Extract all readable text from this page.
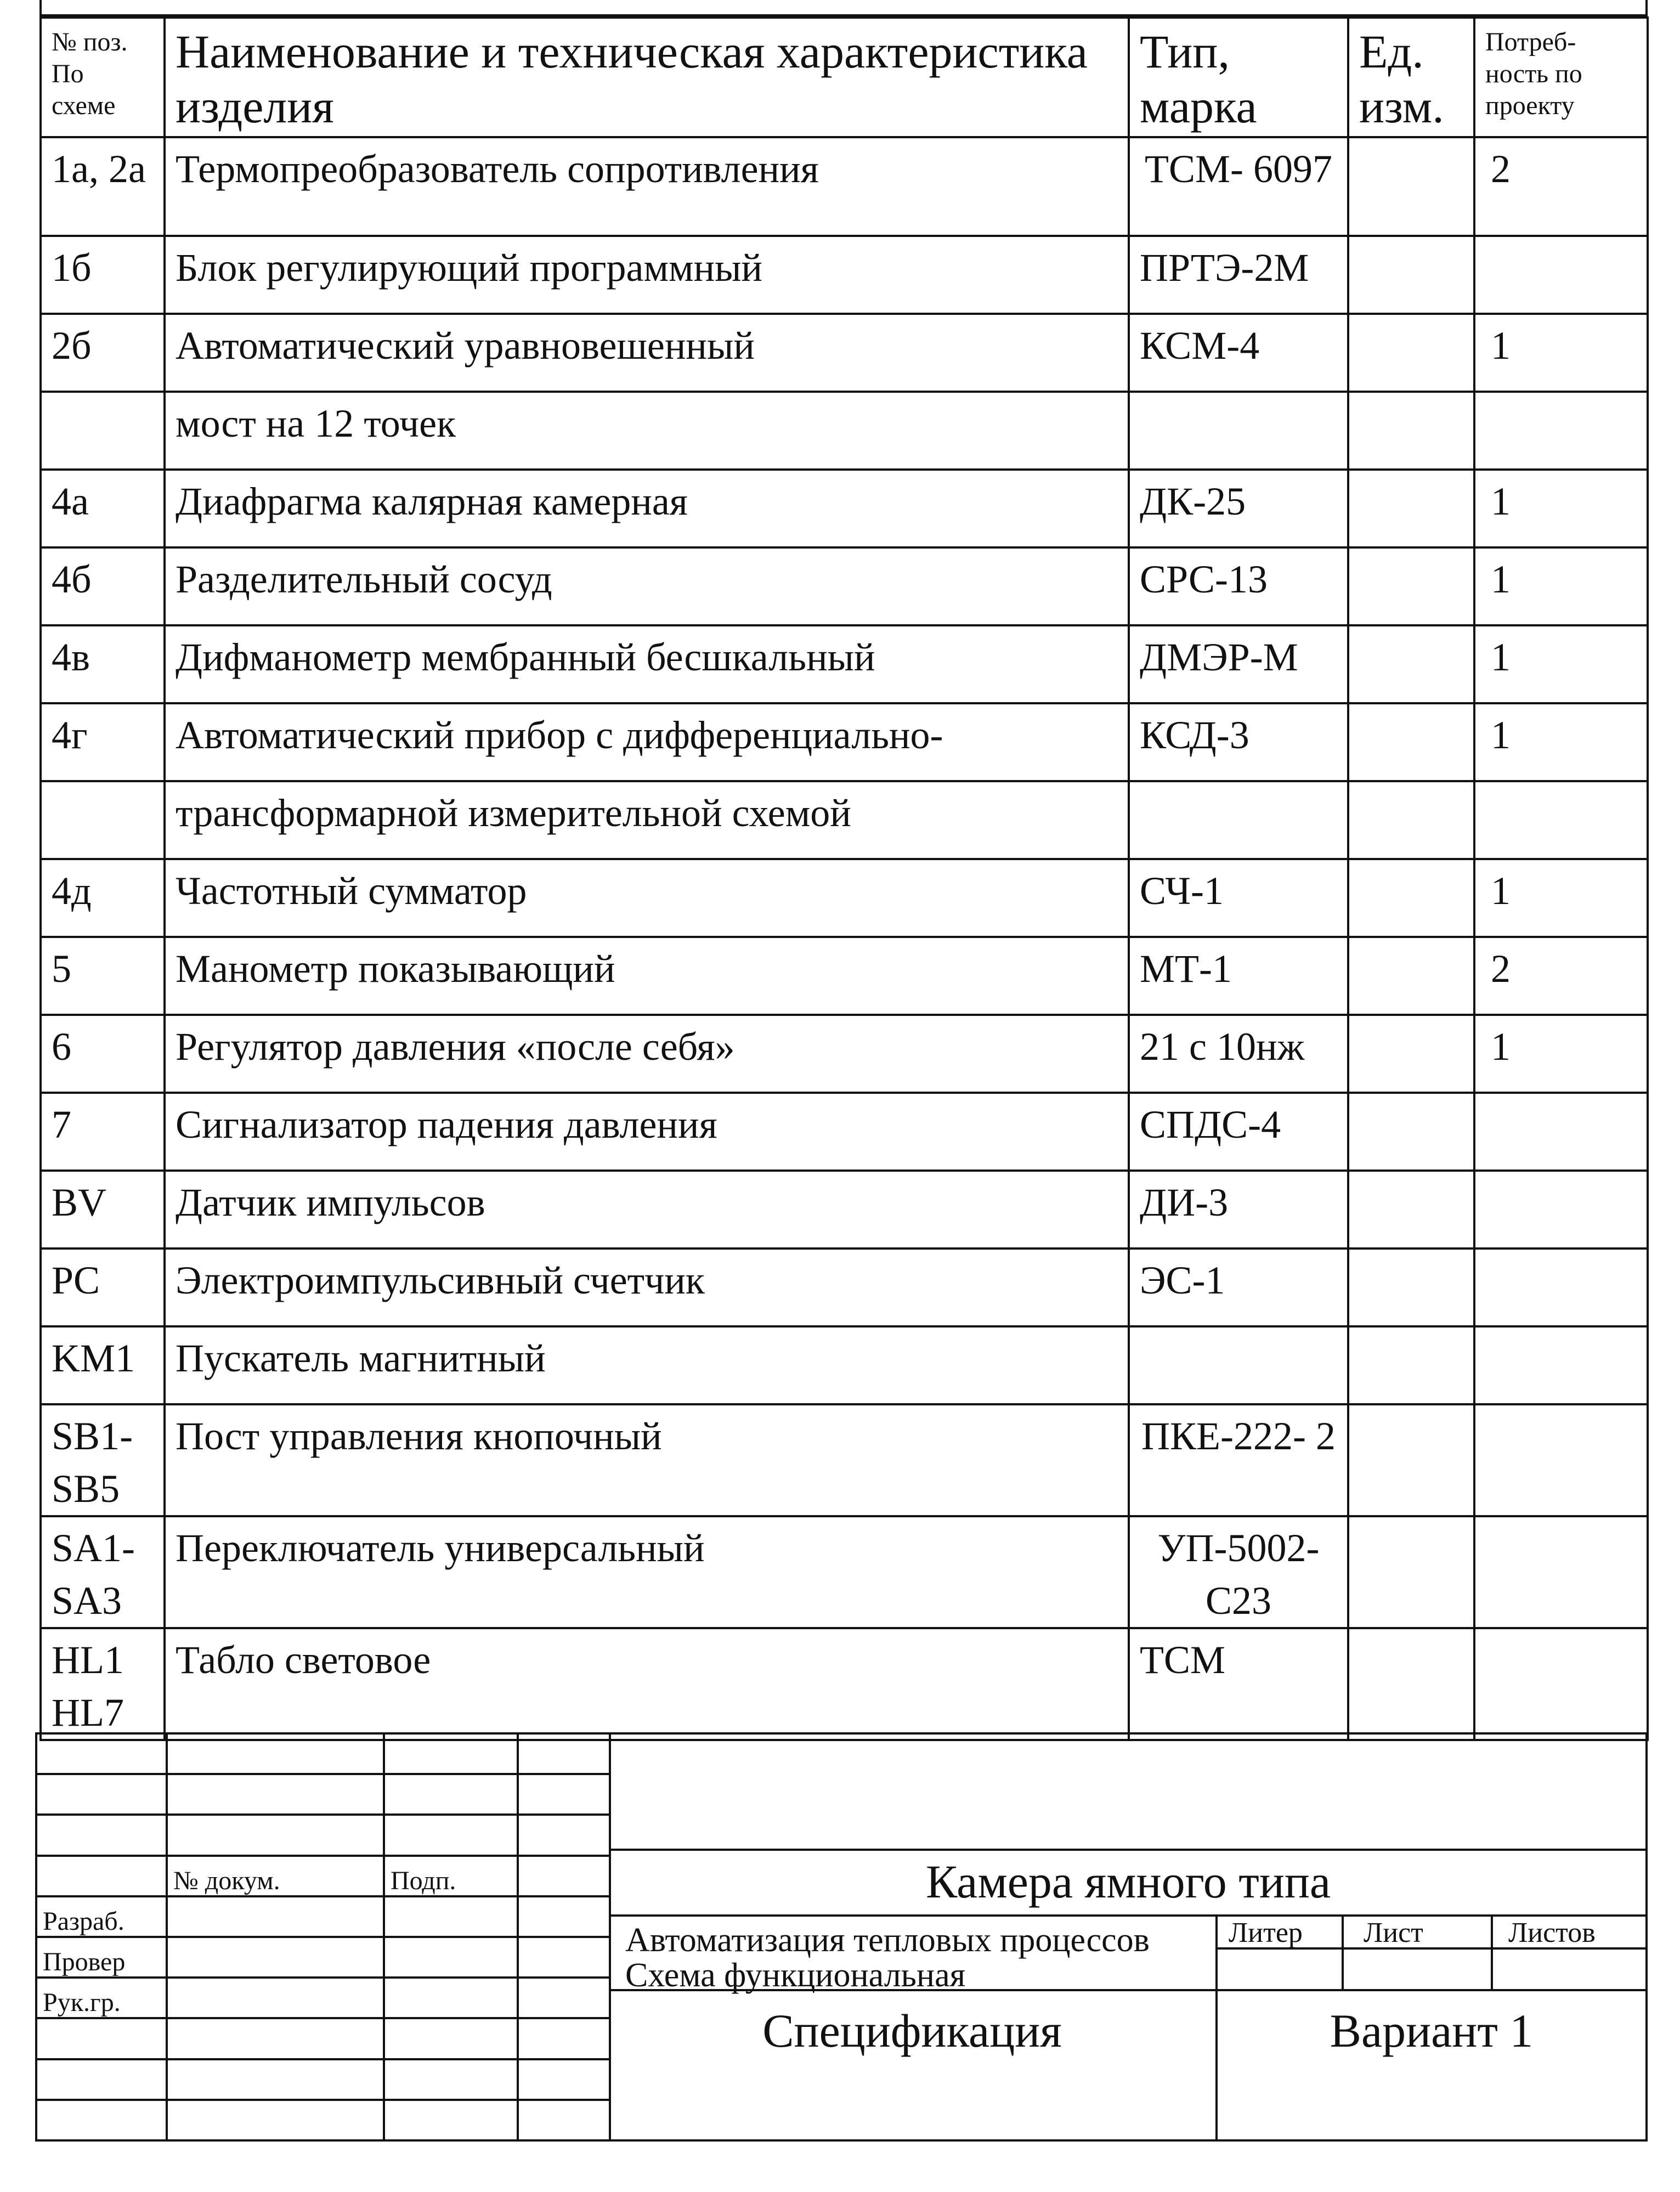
№ поз. По схеме	Наименование и техническая характеристика изделия	Тип, марка	Ед. изм.	Потреб- ность по проекту
1а, 2а	Термопреобразователь сопротивления	ТСМ- 6097		2
1б	Блок регулирующий программный	ПРТЭ-2М		
2б	Автоматический уравновешенный	КСМ-4		1
	мост на 12 точек			
4а	Диафрагма калярная камерная	ДК-25		1
4б	Разделительный сосуд	СРС-13		1
4в	Дифманометр мембранный бесшкальный	ДМЭР-М		1
4г	Автоматический прибор с дифференциально-	КСД-3		1
	трансформарной измерительной схемой			
4д	Частотный сумматор	СЧ-1		1
5	Манометр показывающий	МТ-1		2
6	Регулятор давления «после себя»	21 с 10нж		1
7	Сигнализатор падения давления	СПДС-4		
BV	Датчик импульсов	ДИ-3		
PC	Электроимпульсивный счетчик	ЭС-1		
KM1	Пускатель магнитный			
SB1- SB5	Пост управления кнопочный	ПКЕ-222- 2		
SA1- SA3	Переключатель универсальный	УП-5002- С23		
HL1 HL7	Табло световое	ТСМ		

	№ докум.	Подп.	
Разраб.			
Провер			
Рук.гр.			

Камера ямного типа
Автоматизация тепловых процессов
Схема функциональная
Литер Лист	Листов
Спецификация	Вариант 1
